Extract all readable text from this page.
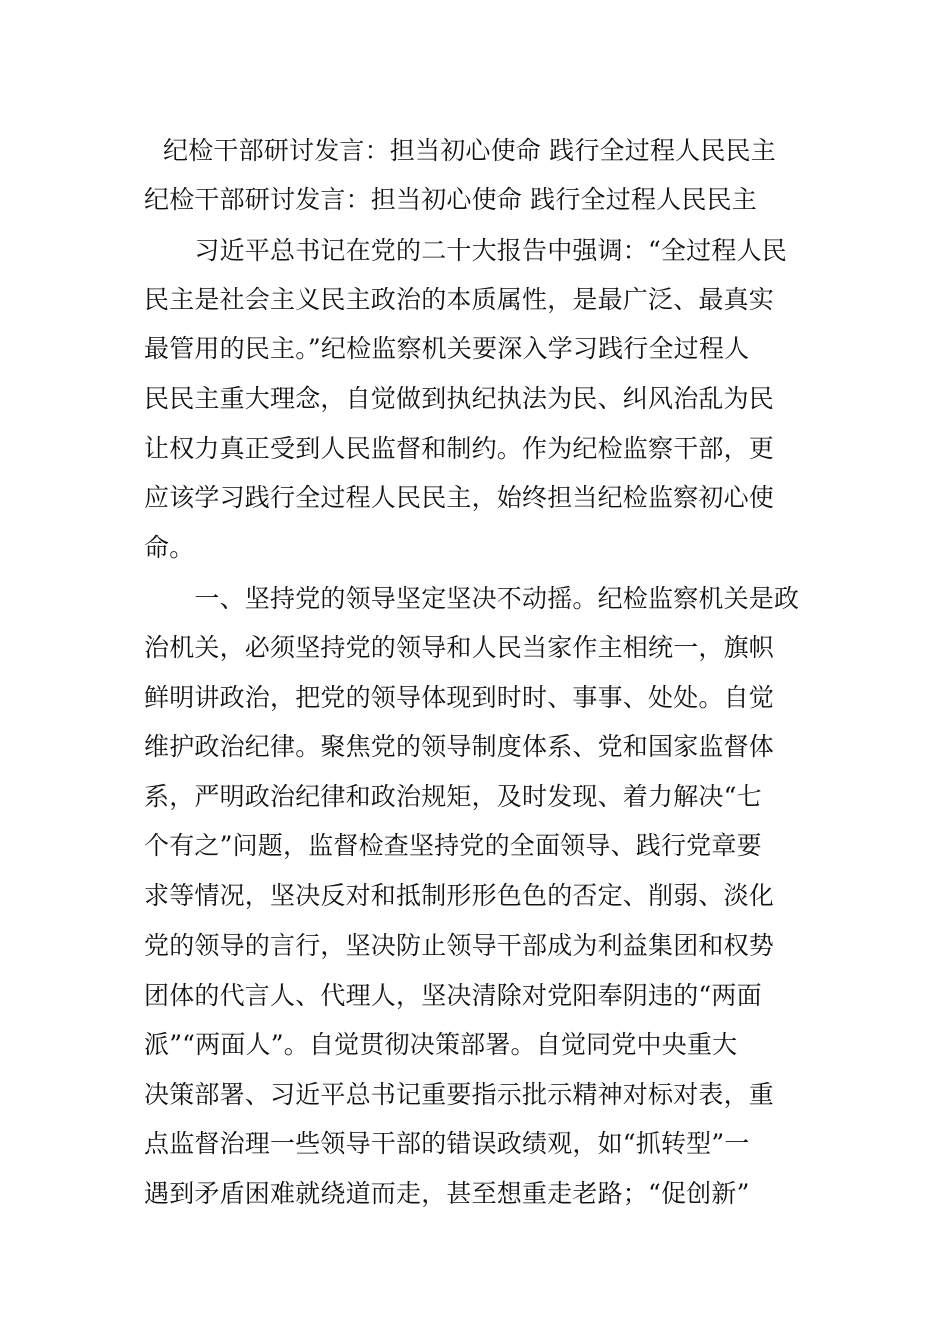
纪检干部研讨发言：担当初心使命 践行全过程人民民主
纪检干部研讨发言：担当初心使命 践行全过程人民民主
　　习近平总书记在党的二十大报告中强调：“全过程人民
民主是社会主义民主政治的本质属性，是最广泛、最真实
最管用的民主。”纪检监察机关要深入学习践行全过程人
民民主重大理念，自觉做到执纪执法为民、纠风治乱为民
让权力真正受到人民监督和制约。作为纪检监察干部，更
应该学习践行全过程人民民主，始终担当纪检监察初心使
命。
　　一、坚持党的领导坚定坚决不动摇。纪检监察机关是政
治机关，必须坚持党的领导和人民当家作主相统一，旗帜
鲜明讲政治，把党的领导体现到时时、事事、处处。自觉
维护政治纪律。聚焦党的领导制度体系、党和国家监督体
系，严明政治纪律和政治规矩，及时发现、着力解决“七
个有之”问题，监督检查坚持党的全面领导、践行党章要
求等情况，坚决反对和抵制形形色色的否定、削弱、淡化
党的领导的言行，坚决防止领导干部成为利益集团和权势
团体的代言人、代理人，坚决清除对党阳奉阴违的“两面
派”“两面人”。自觉贯彻决策部署。自觉同党中央重大
决策部署、习近平总书记重要指示批示精神对标对表，重
点监督治理一些领导干部的错误政绩观，如“抓转型”一
遇到矛盾困难就绕道而走，甚至想重走老路；“促创新”
